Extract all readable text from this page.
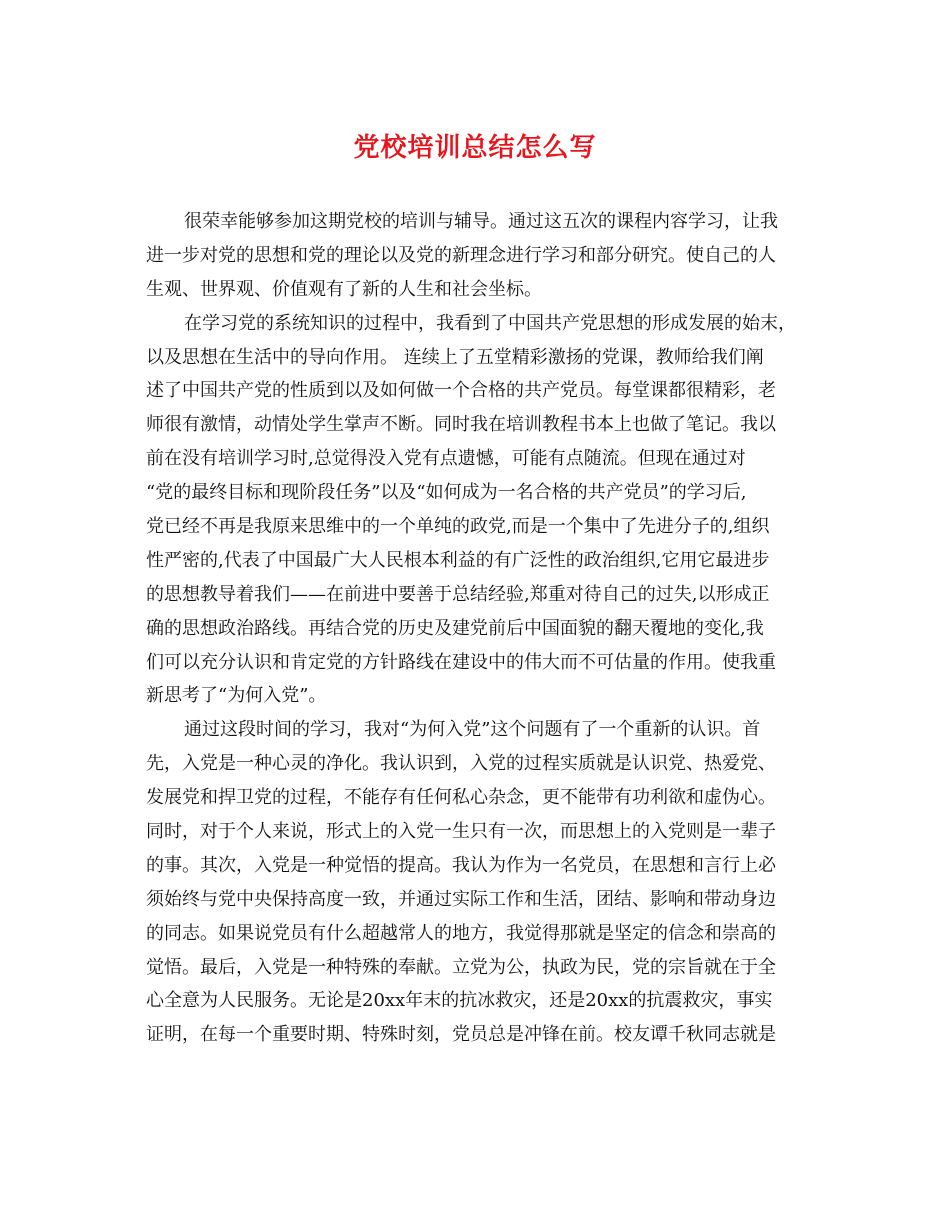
党校培训总结怎么写
很荣幸能够参加这期党校的培训与辅导。通过这五次的课程内容学习，让我
进一步对党的思想和党的理论以及党的新理念进行学习和部分研究。使自己的人
生观、世界观、价值观有了新的人生和社会坐标。
在学习党的系统知识的过程中，我看到了中国共产党思想的形成发展的始末，
以及思想在生活中的导向作用。 连续上了五堂精彩激扬的党课，教师给我们阐
述了中国共产党的性质到以及如何做一个合格的共产党员。每堂课都很精彩，老
师很有激情，动情处学生掌声不断。同时我在培训教程书本上也做了笔记。我以
前在没有培训学习时,总觉得没入党有点遗憾，可能有点随流。但现在通过对
“党的最终目标和现阶段任务”以及“如何成为一名合格的共产党员”的学习后,
党已经不再是我原来思维中的一个单纯的政党,而是一个集中了先进分子的,组织
性严密的,代表了中国最广大人民根本利益的有广泛性的政治组织,它用它最进步
的思想教导着我们——在前进中要善于总结经验,郑重对待自己的过失,以形成正
确的思想政治路线。再结合党的历史及建党前后中国面貌的翻天覆地的变化,我
们可以充分认识和肯定党的方针路线在建设中的伟大而不可估量的作用。使我重
新思考了“为何入党”。
通过这段时间的学习，我对“为何入党”这个问题有了一个重新的认识。首
先，入党是一种心灵的净化。我认识到，入党的过程实质就是认识党、热爱党、
发展党和捍卫党的过程，不能存有任何私心杂念，更不能带有功利欲和虚伪心。
同时，对于个人来说，形式上的入党一生只有一次，而思想上的入党则是一辈子
的事。其次，入党是一种觉悟的提高。我认为作为一名党员，在思想和言行上必
须始终与党中央保持高度一致，并通过实际工作和生活，团结、影响和带动身边
的同志。如果说党员有什么超越常人的地方，我觉得那就是坚定的信念和崇高的
觉悟。最后，入党是一种特殊的奉献。立党为公，执政为民，党的宗旨就在于全
心全意为人民服务。无论是20xx年末的抗冰救灾，还是20xx的抗震救灾，事实
证明，在每一个重要时期、特殊时刻，党员总是冲锋在前。校友谭千秋同志就是
